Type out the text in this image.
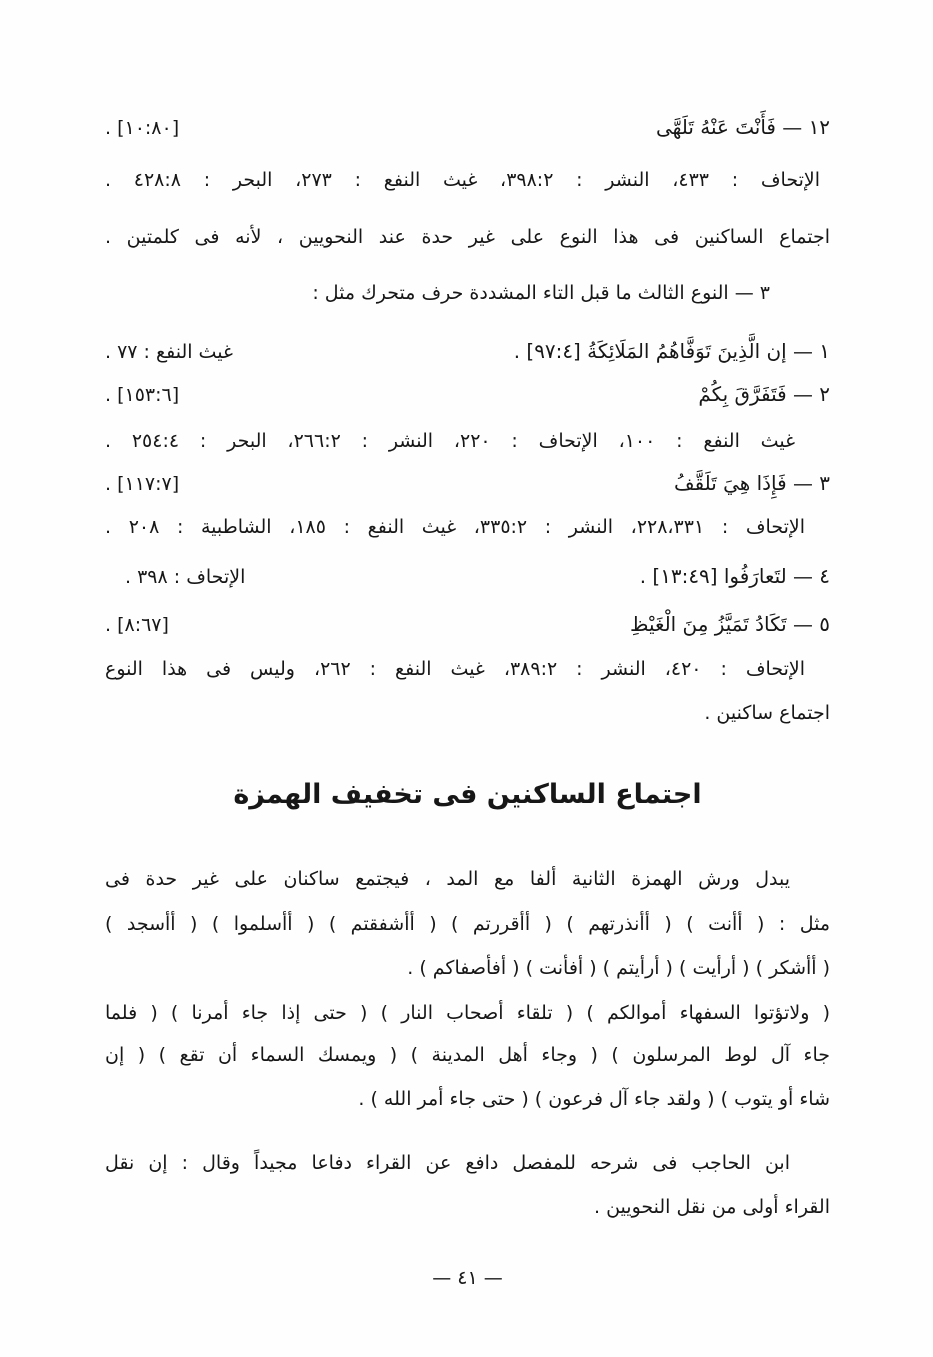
١٢ — فَأَنْتَ عَنْهُ تَلَهَّى
[١٠:٨٠] .
الإتحاف : ٤٣٣، النشر : ٣٩٨:٢، غيث النفع : ٢٧٣، البحر : ٤٢٨:٨ .
اجتماع الساكنين فى هذا النوع على غير حدة عند النحويين ، لأنه فى كلمتين .
٣ — النوع الثالث ما قبل التاء المشددة حرف متحرك مثل :
١ — إن الَّذِينَ تَوَفَّاهُمُ المَلَائِكَةُ [٩٧:٤] .
غيث النفع : ٧٧ .
٢ — فَتَفَرَّقَ بِكُمْ
[١٥٣:٦] .
غيث النفع : ١٠٠، الإتحاف : ٢٢٠، النشر : ٢٦٦:٢، البحر : ٢٥٤:٤ .
٣ — فَإِذَا هِيَ تَلَقَّفُ
[١١٧:٧] .
الإتحاف : ٢٢٨،٣٣١، النشر : ٣٣٥:٢، غيث النفع : ١٨٥، الشاطبية : ٢٠٨ .
٤ — لتَعارَفُوا [١٣:٤٩] .
الإتحاف : ٣٩٨ .
٥ — تَكَادُ تَمَيَّزُ مِنَ الْغَيْظِ
[٨:٦٧] .
الإتحاف : ٤٢٠، النشر : ٣٨٩:٢، غيث النفع : ٢٦٢، وليس فى هذا النوع
اجتماع ساكنين .
اجتماع الساكنين فى تخفيف الهمزة
يبدل ورش الهمزة الثانية ألفا مع المد ، فيجتمع ساكنان على غير حدة فى
مثل : ( أأنت ) ( أأنذرتهم ) ( أأقررتم ) ( أأشفقتم ) ( أأسلموا ) ( أأسجد )
( أأشكر ) ( أرأيت ) ( أرأيتم ) ( أفأنت ) ( أفأصفاكم ) .
( ولاتؤتوا السفهاء أموالكم ) ( تلقاء أصحاب النار ) ( حتى إذا جاء أمرنا ) ( فلما
جاء آل لوط المرسلون ) ( وجاء أهل المدينة ) ( ويمسك السماء أن تقع ) ( إن
شاء أو يتوب ) ( ولقد جاء آل فرعون ) ( حتى جاء أمر الله ) .
ابن الحاجب فى شرحه للمفصل دافع عن القراء دفاعا مجيداً وقال : إن نقل
القراء أولى من نقل النحويين .
— ٤١ —
